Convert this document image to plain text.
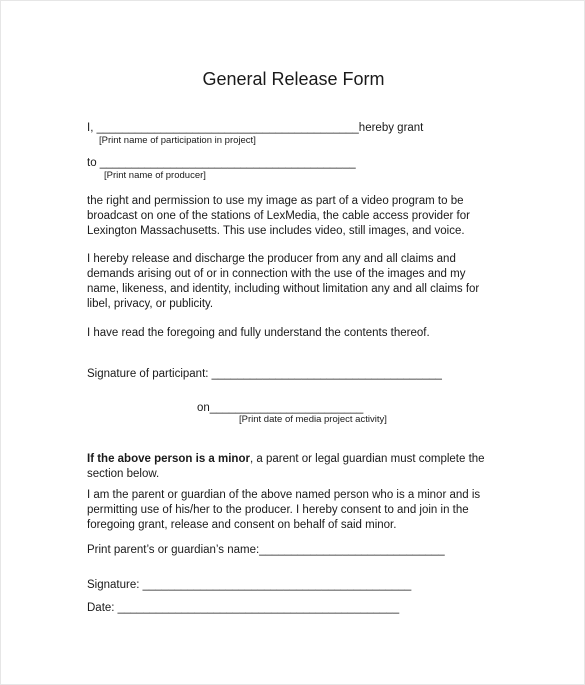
General Release Form
I, _________________________________________hereby grant
[Print name of participation in project]
to ________________________________________
[Print name of producer]
the right and permission to use my image as part of a video program to be
broadcast on one of the stations of LexMedia, the cable access provider for
Lexington Massachusetts. This use includes video, still images, and voice.
I hereby release and discharge the producer from any and all claims and
demands arising out of or in connection with the use of the images and my
name, likeness, and identity, including without limitation any and all claims for
libel, privacy, or publicity.
I have read the foregoing and fully understand the contents thereof.
Signature of participant: ____________________________________
on________________________
[Print date of media project activity]
If the above person is a minor, a parent or legal guardian must complete the
section below.
I am the parent or guardian of the above named person who is a minor and is
permitting use of his/her to the producer. I hereby consent to and join in the
foregoing grant, release and consent on behalf of said minor.
Print parent’s or guardian’s name:_____________________________
Signature: __________________________________________
Date: ____________________________________________
